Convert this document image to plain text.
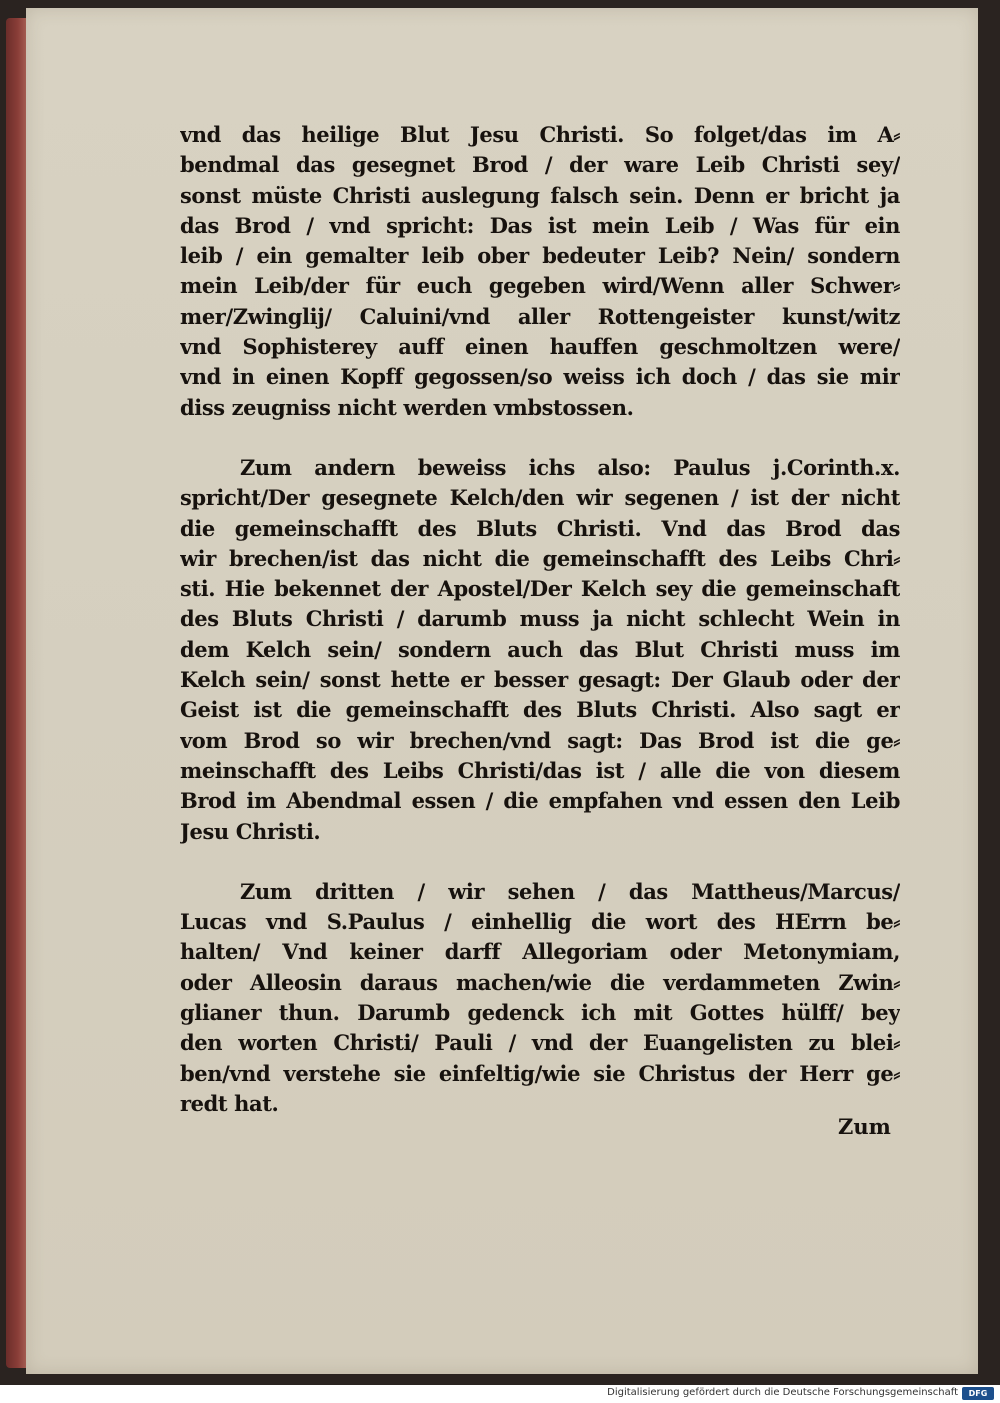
vnd das heilige Blut Jesu Christi. So folget/das im A⸗
bendmal das gesegnet Brod / der ware Leib Christi sey/
sonst müste Christi auslegung falsch sein. Denn er bricht ja
das Brod / vnd spricht: Das ist mein Leib / Was für ein
leib / ein gemalter leib ober bedeuter Leib? Nein/ sondern
mein Leib/der für euch gegeben wird/Wenn aller Schwer⸗
mer/Zwinglij/ Caluini/vnd aller Rottengeister kunst/witz
vnd Sophisterey auff einen hauffen geschmoltzen were/
vnd in einen Kopff gegossen/so weiss ich doch / das sie mir
diss zeugniss nicht werden vmbstossen.
Zum andern beweiss ichs also: Paulus j.Corinth.x.
spricht/Der gesegnete Kelch/den wir segenen / ist der nicht
die gemeinschafft des Bluts Christi. Vnd das Brod das
wir brechen/ist das nicht die gemeinschafft des Leibs Chri⸗
sti. Hie bekennet der Apostel/Der Kelch sey die gemeinschaft
des Bluts Christi / darumb muss ja nicht schlecht Wein in
dem Kelch sein/ sondern auch das Blut Christi muss im
Kelch sein/ sonst hette er besser gesagt: Der Glaub oder der
Geist ist die gemeinschafft des Bluts Christi. Also sagt er
vom Brod so wir brechen/vnd sagt: Das Brod ist die ge⸗
meinschafft des Leibs Christi/das ist / alle die von diesem
Brod im Abendmal essen / die empfahen vnd essen den Leib
Jesu Christi.
Zum dritten / wir sehen / das Mattheus/Marcus/
Lucas vnd S.Paulus / einhellig die wort des HErrn be⸗
halten/ Vnd keiner darff Allegoriam oder Metonymiam,
oder Alleosin daraus machen/wie die verdammeten Zwin⸗
glianer thun. Darumb gedenck ich mit Gottes hülff/ bey
den worten Christi/ Pauli / vnd der Euangelisten zu blei⸗
ben/vnd verstehe sie einfeltig/wie sie Christus der Herr ge⸗
redt hat.
Zum
Digitalisierung gefördert durch die Deutsche Forschungsgemeinschaft	DFG
